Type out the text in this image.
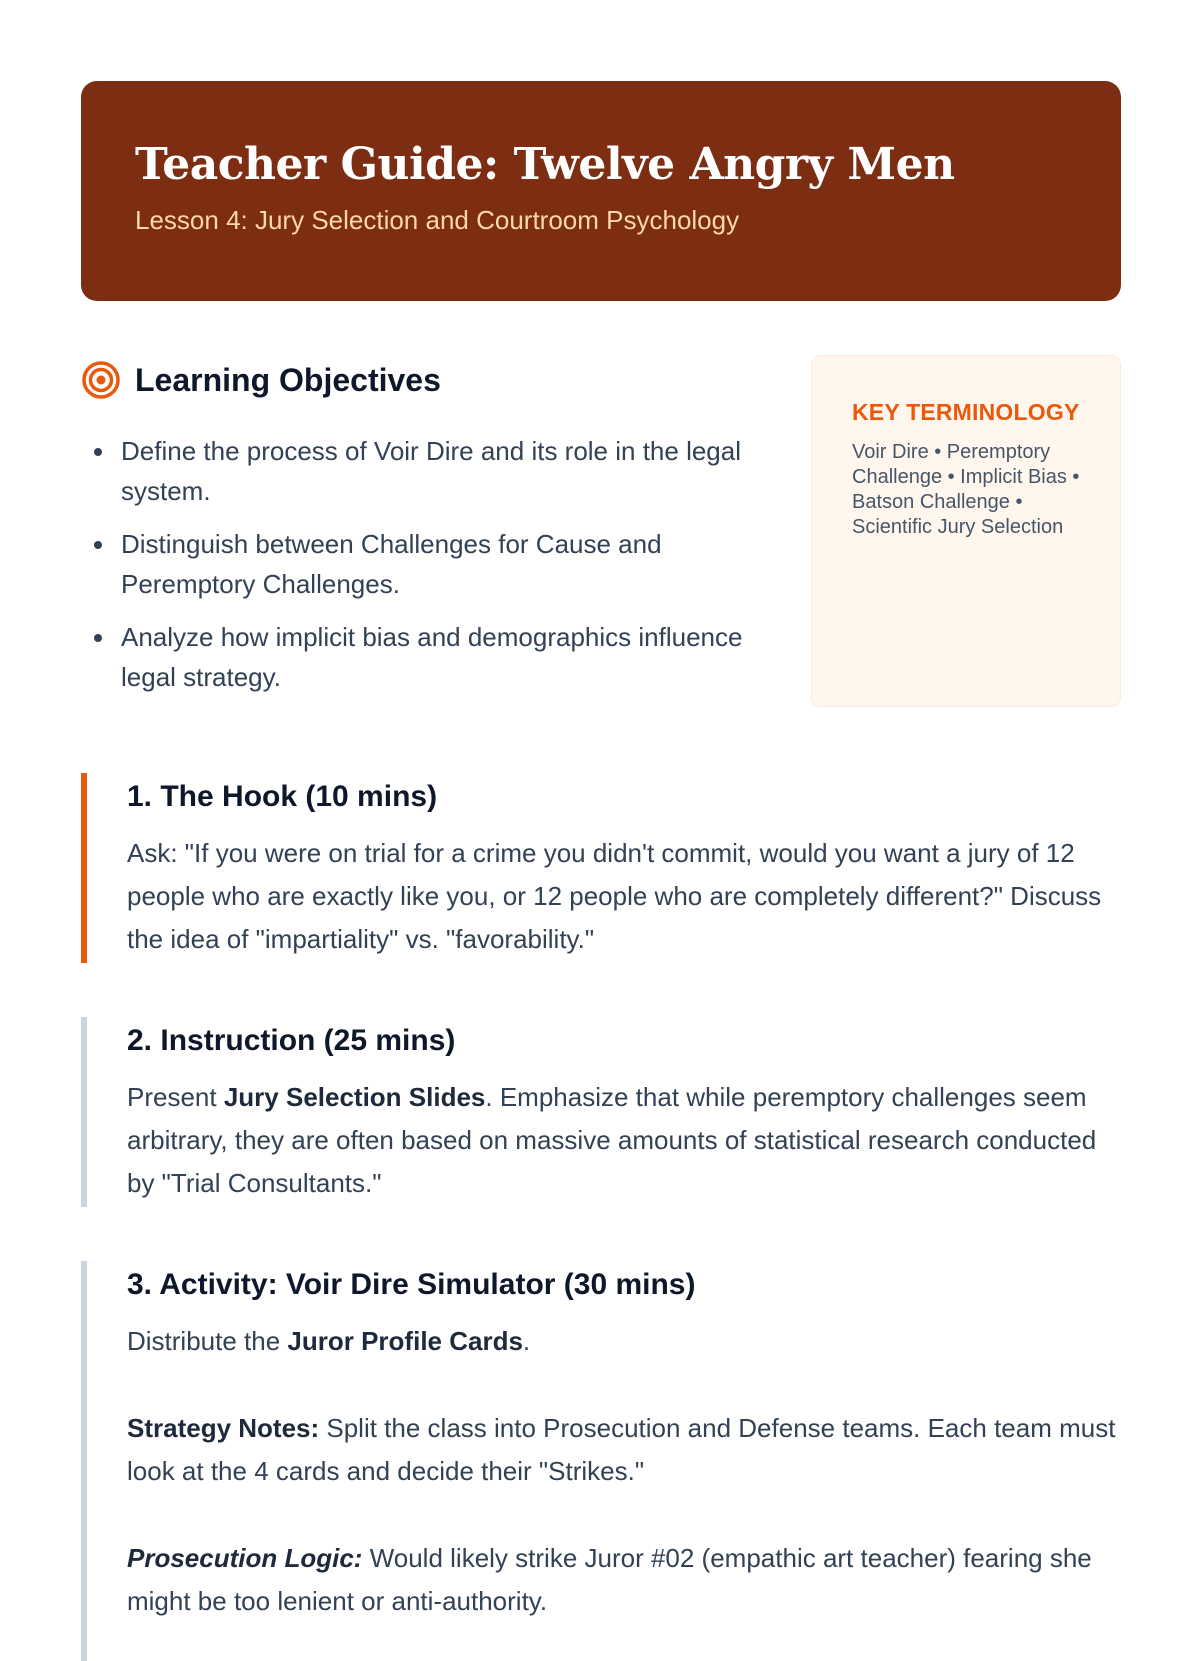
Teacher Guide: Twelve Angry Men
Lesson 4: Jury Selection and Courtroom Psychology
Learning Objectives
Define the process of Voir Dire and its role in the legal system.
Distinguish between Challenges for Cause and Peremptory Challenges.
Analyze how implicit bias and demographics influence legal strategy.
KEY TERMINOLOGY
Voir Dire • Peremptory Challenge • Implicit Bias • Batson Challenge • Scientific Jury Selection
1. The Hook (10 mins)

Ask: "If you were on trial for a crime you didn't commit, would you want a jury of 12 people who are exactly like you, or 12 people who are completely different?" Discuss the idea of "impartiality" vs. "favorability."

2. Instruction (25 mins)

Present Jury Selection Slides. Emphasize that while peremptory challenges seem arbitrary, they are often based on massive amounts of statistical research conducted by "Trial Consultants."

3. Activity: Voir Dire Simulator (30 mins)

Distribute the Juror Profile Cards.

Strategy Notes: Split the class into Prosecution and Defense teams. Each team must look at the 4 cards and decide their "Strikes."

Prosecution Logic: Would likely strike Juror #02 (empathic art teacher) fearing she might be too lenient or anti-authority.
